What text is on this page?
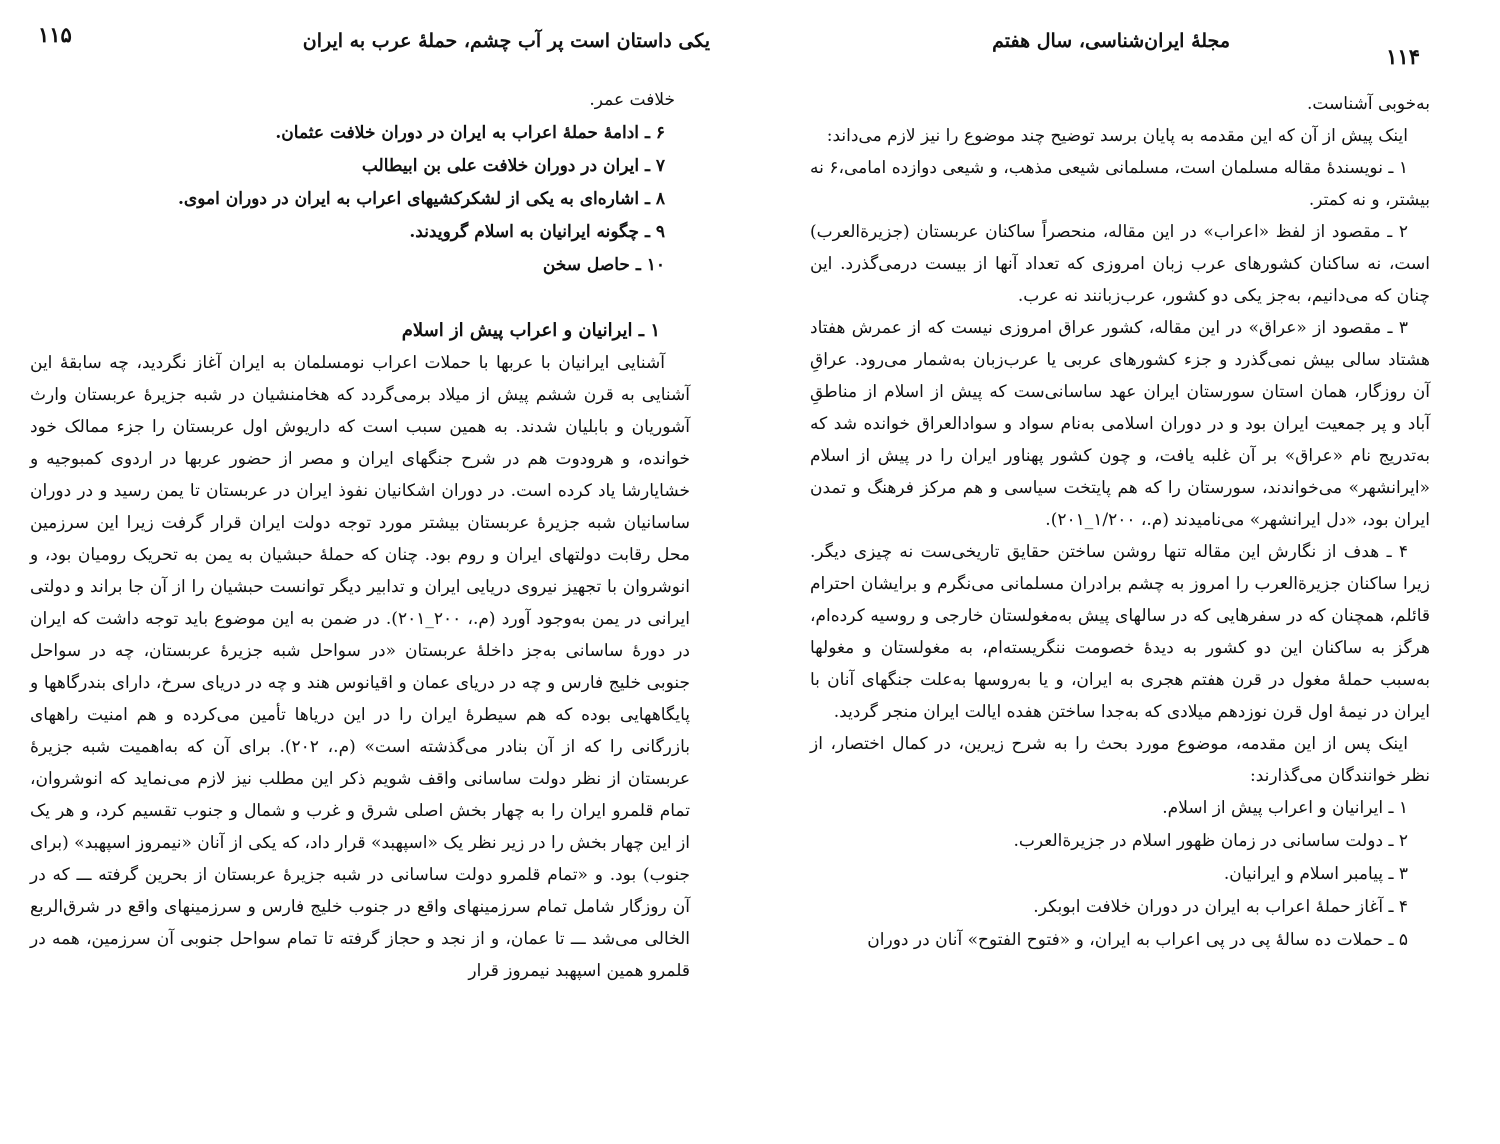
۱۱۵	یکی داستان است پر آب چشم، حملهٔ عرب به ایران

خلافت عمر.

۶ ـ ادامهٔ حملهٔ اعراب به ایران در دوران خلافت عثمان.

۷ ـ ایران در دوران خلافت علی بن ابیطالب

۸ ـ اشاره‌ای به یکی از لشکرکشیهای اعراب به ایران در دوران اموی.

۹ ـ چگونه ایرانیان به اسلام گرویدند.

۱۰ ـ حاصل سخن

۱ ـ ایرانیان و اعراب پیش از اسلام

آشنایی ایرانیان با عربها با حملات اعراب نومسلمان به ایران آغاز نگردید، چه سابقهٔ این آشنایی به قرن ششم پیش از میلاد برمی‌گردد که هخامنشیان در شبه جزیرهٔ عربستان وارث آشوریان و بابلیان شدند. به همین سبب است که داریوش اول عربستان را جزء ممالک خود خوانده، و هرودوت هم در شرح جنگهای ایران و مصر از حضور عربها در اردوی کمبوجیه و خشایارشا یاد کرده است. در دوران اشکانیان نفوذ ایران در عربستان تا یمن رسید و در دوران ساسانیان شبه جزیرهٔ عربستان بیشتر مورد توجه دولت ایران قرار گرفت زیرا این سرزمین محل رقابت دولتهای ایران و روم بود. چنان که حملهٔ حبشیان به یمن به تحریک رومیان بود، و انوشروان با تجهیز نیروی دریایی ایران و تدابیر دیگر توانست حبشیان را از آن جا براند و دولتی ایرانی در یمن به‌وجود آورد (م.، ۲۰۰_۲۰۱). در ضمن به این موضوع باید توجه داشت که ایران در دورهٔ ساسانی به‌جز داخلهٔ عربستان «در سواحل شبه جزیرهٔ عربستان، چه در سواحل جنوبی خلیج فارس و چه در دریای عمان و اقیانوس هند و چه در دریای سرخ، دارای بندرگاهها و پایگاههایی بوده که هم سیطرهٔ ایران را در این دریاها تأمین می‌کرده و هم امنیت راههای بازرگانی را که از آن بنادر می‌گذشته است» (م.، ۲۰۲). برای آن که به‌اهمیت شبه جزیرهٔ عربستان از نظر دولت ساسانی واقف شویم ذکر این مطلب نیز لازم می‌نماید که انوشروان، تمام قلمرو ایران را به چهار بخش اصلی شرق و غرب و شمال و جنوب تقسیم کرد، و هر یک از این چهار بخش را در زیر نظر یک «اسپهبد» قرار داد، که یکی از آنان «نیمروز اسپهبد» (برای جنوب) بود. و «تمام قلمرو دولت ساسانی در شبه جزیرهٔ عربستان از بحرین گرفته ـــ که در آن روزگار شامل تمام سرزمینهای واقع در جنوب خلیج فارس و سرزمینهای واقع در شرق‌الربع الخالی می‌شد ـــ تا عمان، و از نجد و حجاز گرفته تا تمام سواحل جنوبی آن سرزمین، همه در قلمرو همین اسپهبد نیمروز قرار

۱۱۴
مجلهٔ ایران‌شناسی، سال هفتم

به‌خوبی آشناست.

اینک پیش از آن که این مقدمه به پایان برسد توضیح چند موضوع را نیز لازم می‌داند:

۱ ـ نویسندهٔ مقاله مسلمان است، مسلمانی شیعی مذهب، و شیعی دوازده امامی،۶ نه بیشتر، و نه کمتر.

۲ ـ مقصود از لفظ «اعراب» در این مقاله، منحصراً ساکنان عربستان (جزیرةالعرب) است، نه ساکنان کشورهای عرب زبان امروزی که تعداد آنها از بیست درمی‌گذرد. این چنان که می‌دانیم، به‌جز یکی دو کشور، عرب‌زبانند نه عرب.

۳ ـ مقصود از «عراق» در این مقاله، کشور عراق امروزی نیست که از عمرش هفتاد هشتاد سالی بیش نمی‌گذرد و جزء کشورهای عربی یا عرب‌زبان به‌شمار می‌رود. عراقِ آن روزگار، همان استان سورستان ایران عهد ساسانی‌ست که پیش از اسلام از مناطقِ آباد و پر جمعیت ایران بود و در دوران اسلامی به‌نام سواد و سوادالعراق خوانده شد که به‌تدریج نام «عراق» بر آن غلبه یافت، و چون کشور پهناور ایران را در پیش از اسلام «ایرانشهر» می‌خواندند، سورستان را که هم پایتخت سیاسی و هم مرکز فرهنگ و تمدن ایران بود، «دل ایرانشهر» می‌نامیدند (م.، ۱/۲۰۰_۲۰۱).

۴ ـ هدف از نگارش این مقاله تنها روشن ساختن حقایق تاریخی‌ست نه چیزی دیگر. زیرا ساکنان جزیرةالعرب را امروز به چشم برادران مسلمانی می‌نگرم و برایشان احترام قائلم، همچنان که در سفرهایی که در سالهای پیش به‌مغولستان خارجی و روسیه کرده‌ام، هرگز به ساکنان این دو کشور به دیدهٔ خصومت ننگریسته‌ام، به مغولستان و مغولها به‌سبب حملهٔ مغول در قرن هفتم هجری به ایران، و یا به‌روسها به‌علت جنگهای آنان با ایران در نیمهٔ اول قرن نوزدهم میلادی که به‌جدا ساختن هفده ایالت ایران منجر گردید.

اینک پس از این مقدمه، موضوع مورد بحث را به شرح زیرین، در کمال اختصار، از نظر خوانندگان می‌گذارند:

۱ ـ ایرانیان و اعراب پیش از اسلام.

۲ ـ دولت ساسانی در زمان ظهور اسلام در جزیرةالعرب.

۳ ـ پیامبر اسلام و ایرانیان.

۴ ـ آغاز حملهٔ اعراب به ایران در دوران خلافت ابوبکر.

۵ ـ حملات ده سالهٔ پی در پی اعراب به ایران، و «فتوح الفتوح» آنان در دوران
